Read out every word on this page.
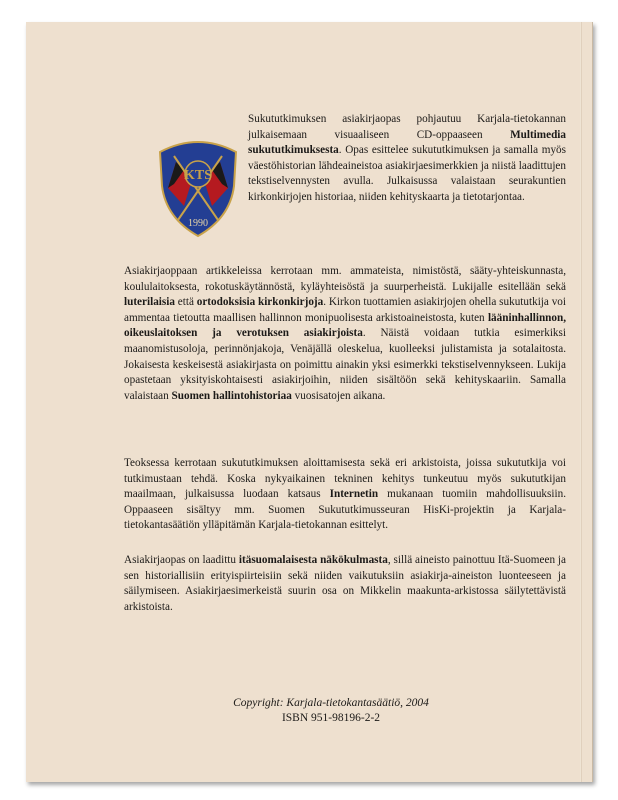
KTS
1990

Sukututkimuksen asiakirjaopas pohjautuu Karjala-tietokannan julkaisemaan visuaaliseen CD-oppaaseen Multimedia sukututkimuksesta. Opas esittelee sukututkimuksen ja samalla myös väestöhistorian lähdeaineistoa asiakirjaesimerkkien ja niistä laadittujen tekstiselvennysten avulla. Julkaisussa valaistaan seurakuntien kirkonkirjojen historiaa, niiden kehityskaarta ja tietotarjontaa.

Asiakirjaoppaan artikkeleissa kerrotaan mm. ammateista, nimistöstä, sääty-yhteiskunnasta, koululaitoksesta, rokotuskäytännöstä, kyläyhteisöstä ja suurperheistä. Lukijalle esitellään sekä luterilaisia että ortodoksisia kirkonkirjoja. Kirkon tuottamien asiakirjojen ohella sukututkija voi ammentaa tietoutta maallisen hallinnon monipuolisesta arkistoaineistosta, kuten lääninhallinnon, oikeuslaitoksen ja verotuksen asiakirjoista. Näistä voidaan tutkia esimerkiksi maanomistusoloja, perinnönjakoja, Venäjällä oleskelua, kuolleeksi julistamista ja sotalaitosta. Jokaisesta keskeisestä asiakirjasta on poimittu ainakin yksi esimerkki tekstiselvennykseen. Lukija opastetaan yksityiskohtaisesti asiakirjoihin, niiden sisältöön sekä kehityskaariin. Samalla valaistaan Suomen hallintohistoriaa vuosisatojen aikana.

Teoksessa kerrotaan sukututkimuksen aloittamisesta sekä eri arkistoista, joissa sukututkija voi tutkimustaan tehdä. Koska nykyaikainen tekninen kehitys tunkeutuu myös sukututkijan maailmaan, julkaisussa luodaan katsaus Internetin mukanaan tuomiin mahdollisuuksiin. Oppaaseen sisältyy mm. Suomen Sukututkimusseuran HisKi-projektin ja Karjala-tietokantasäätiön ylläpitämän Karjala-tietokannan esittelyt.

Asiakirjaopas on laadittu itäsuomalaisesta näkökulmasta, sillä aineisto painottuu Itä-Suomeen ja sen historiallisiin erityispiirteisiin sekä niiden vaikutuksiin asiakirja-aineiston luonteeseen ja säilymiseen. Asiakirjaesimerkeistä suurin osa on Mikkelin maakunta-arkistossa säilytettävistä arkistoista.

Copyright: Karjala-tietokantasäätiö, 2004
ISBN 951-98196-2-2
